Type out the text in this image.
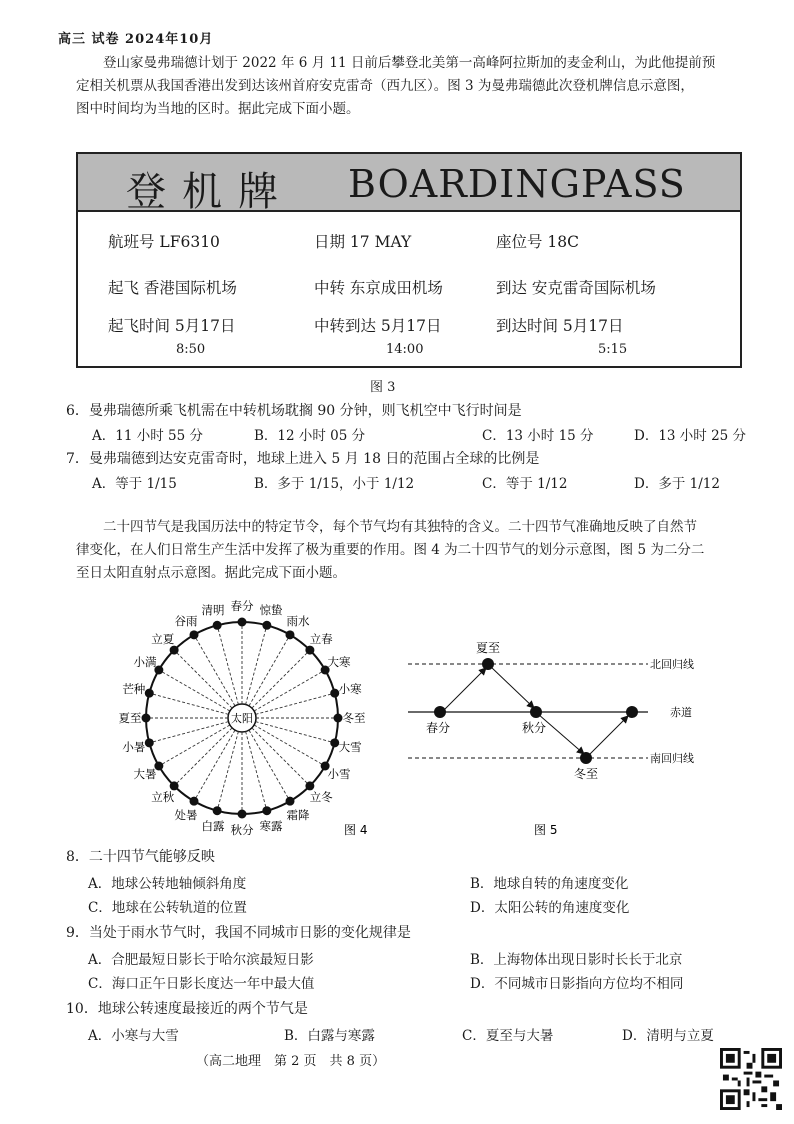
高三 试卷 2024年10月

登山家曼弗瑞德计划于 2022 年 6 月 11 日前后攀登北美第一高峰阿拉斯加的麦金利山，为此他提前预

定相关机票从我国香港出发到达该州首府安克雷奇（西九区）。图 3 为曼弗瑞德此次登机牌信息示意图，

图中时间均为当地的区时。据此完成下面小题。

登机牌 BOARDINGPASS
航班号 LF6310	日期 17 MAY	座位号 18C
起飞 香港国际机场	中转 东京成田机场	到达 安克雷奇国际机场
起飞时间 5月17日	中转到达 5月17日	到达时间 5月17日
8:50	14:00	5:15
图 3
6．曼弗瑞德所乘飞机需在中转机场耽搁 90 分钟，则飞机空中飞行时间是
A．11 小时 55 分	B．12 小时 05 分	C．13 小时 15 分	D．13 小时 25 分
7．曼弗瑞德到达安克雷奇时，地球上进入 5 月 18 日的范围占全球的比例是
A．等于 1/15	B．多于 1/15，小于 1/12	C．等于 1/12	D．多于 1/12

二十四节气是我国历法中的特定节令，每个节气均有其独特的含义。二十四节气准确地反映了自然节

律变化，在人们日常生产生活中发挥了极为重要的作用。图 4 为二十四节气的划分示意图，图 5 为二分二

至日太阳直射点示意图。据此完成下面小题。

太阳
春分 惊蛰
雨水
立春
大寒
小寒
冬至
大雪
小雪
立冬
霜降
寒露
秋分
白露
处暑
立秋
大暑
小暑
夏至
芒种
小满
立夏
谷雨
清明
图 4
夏至
春分	秋分
冬至
北回归线
赤道
南回归线
图 5
8．二十四节气能够反映
A．地球公转地轴倾斜角度	B．地球自转的角速度变化
C．地球在公转轨道的位置	D．太阳公转的角速度变化
9．当处于雨水节气时，我国不同城市日影的变化规律是
A．合肥最短日影长于哈尔滨最短日影	B．上海物体出现日影时长长于北京
C．海口正午日影长度达一年中最大值	D．不同城市日影指向方位均不相同
10．地球公转速度最接近的两个节气是
A．小寒与大雪	B．白露与寒露	C．夏至与大暑	D．清明与立夏
（高二地理　第 2 页　共 8 页）
